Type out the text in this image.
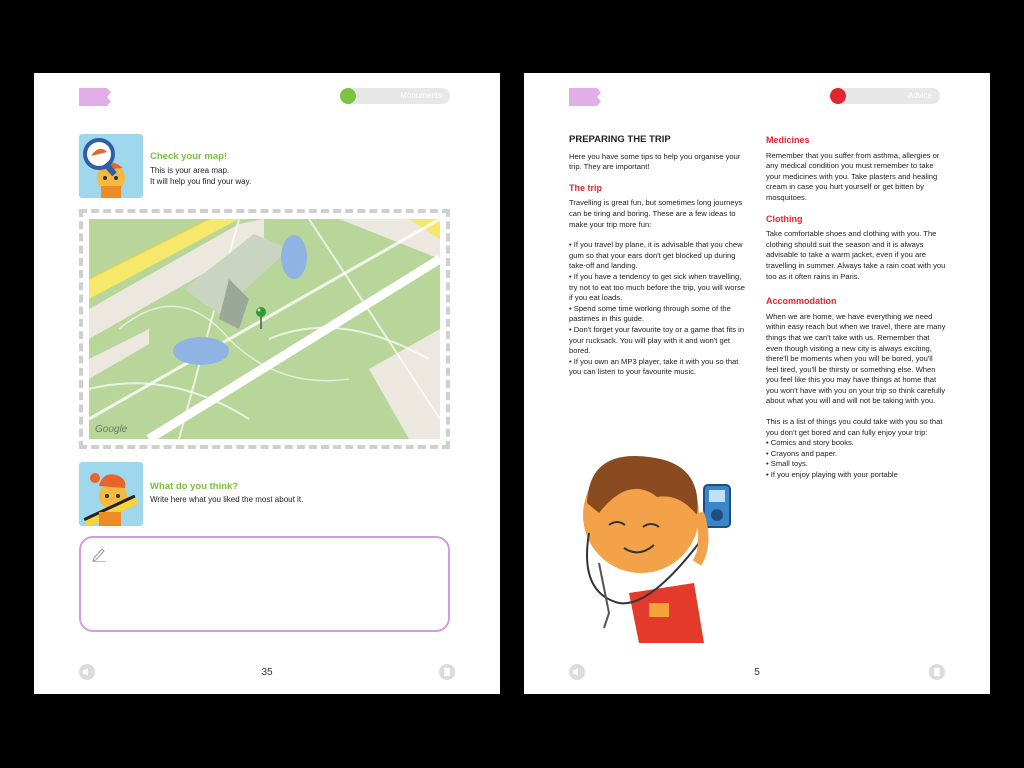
Monuments
Check your map!
This is your area map.
It will help you find your way.
Google
What do you think?
Write here what you liked the most about it.
35
Advice
PREPARING THE TRIP

Here you have some tips to help you organise your trip. They are important!

The trip

Travelling is great fun, but sometimes long journeys can be tiring and boring. These are a few ideas to make your trip more fun:

• If you travel by plane, it is advisable that you chew gum so that your ears don't get blocked up during take-off and landing.
• If you have a tendency to get sick when travelling, try not to eat too much before the trip, you will worse if you eat loads.
• Spend some time working through some of the pastimes in this guide.
• Don't forget your favourite toy or a game that fits in your rucksack. You will play with it and won't get bored.
• If you own an MP3 player, take it with you so that you can listen to your favourite music.
Medicines

Remember that you suffer from asthma, allergies or any medical condition you must remember to take your medicines with you. Take plasters and healing cream in case you hurt yourself or get bitten by mosquitoes.

Clothing

Take comfortable shoes and clothing with you. The clothing should suit the season and it is always advisable to take a warm jacket, even if you are travelling in summer. Always take a rain coat with you too as it often rains in Paris.

Accommodation

When we are home, we have everything we need within easy reach but when we travel, there are many things that we can't take with us. Remember that even though visiting a new city is always exciting, there'll be moments when you will be bored, you'll feel tired, you'll be thirsty or something else. When you feel like this you may have things at home that you won't have with you on your trip so think carefully about what you will and will not be taking with you.

This is a list of things you could take with you so that you don't get bored and can fully enjoy your trip:

• Comics and story books.
• Crayons and paper.
• Small toys.
• If you enjoy playing with your portable
5
